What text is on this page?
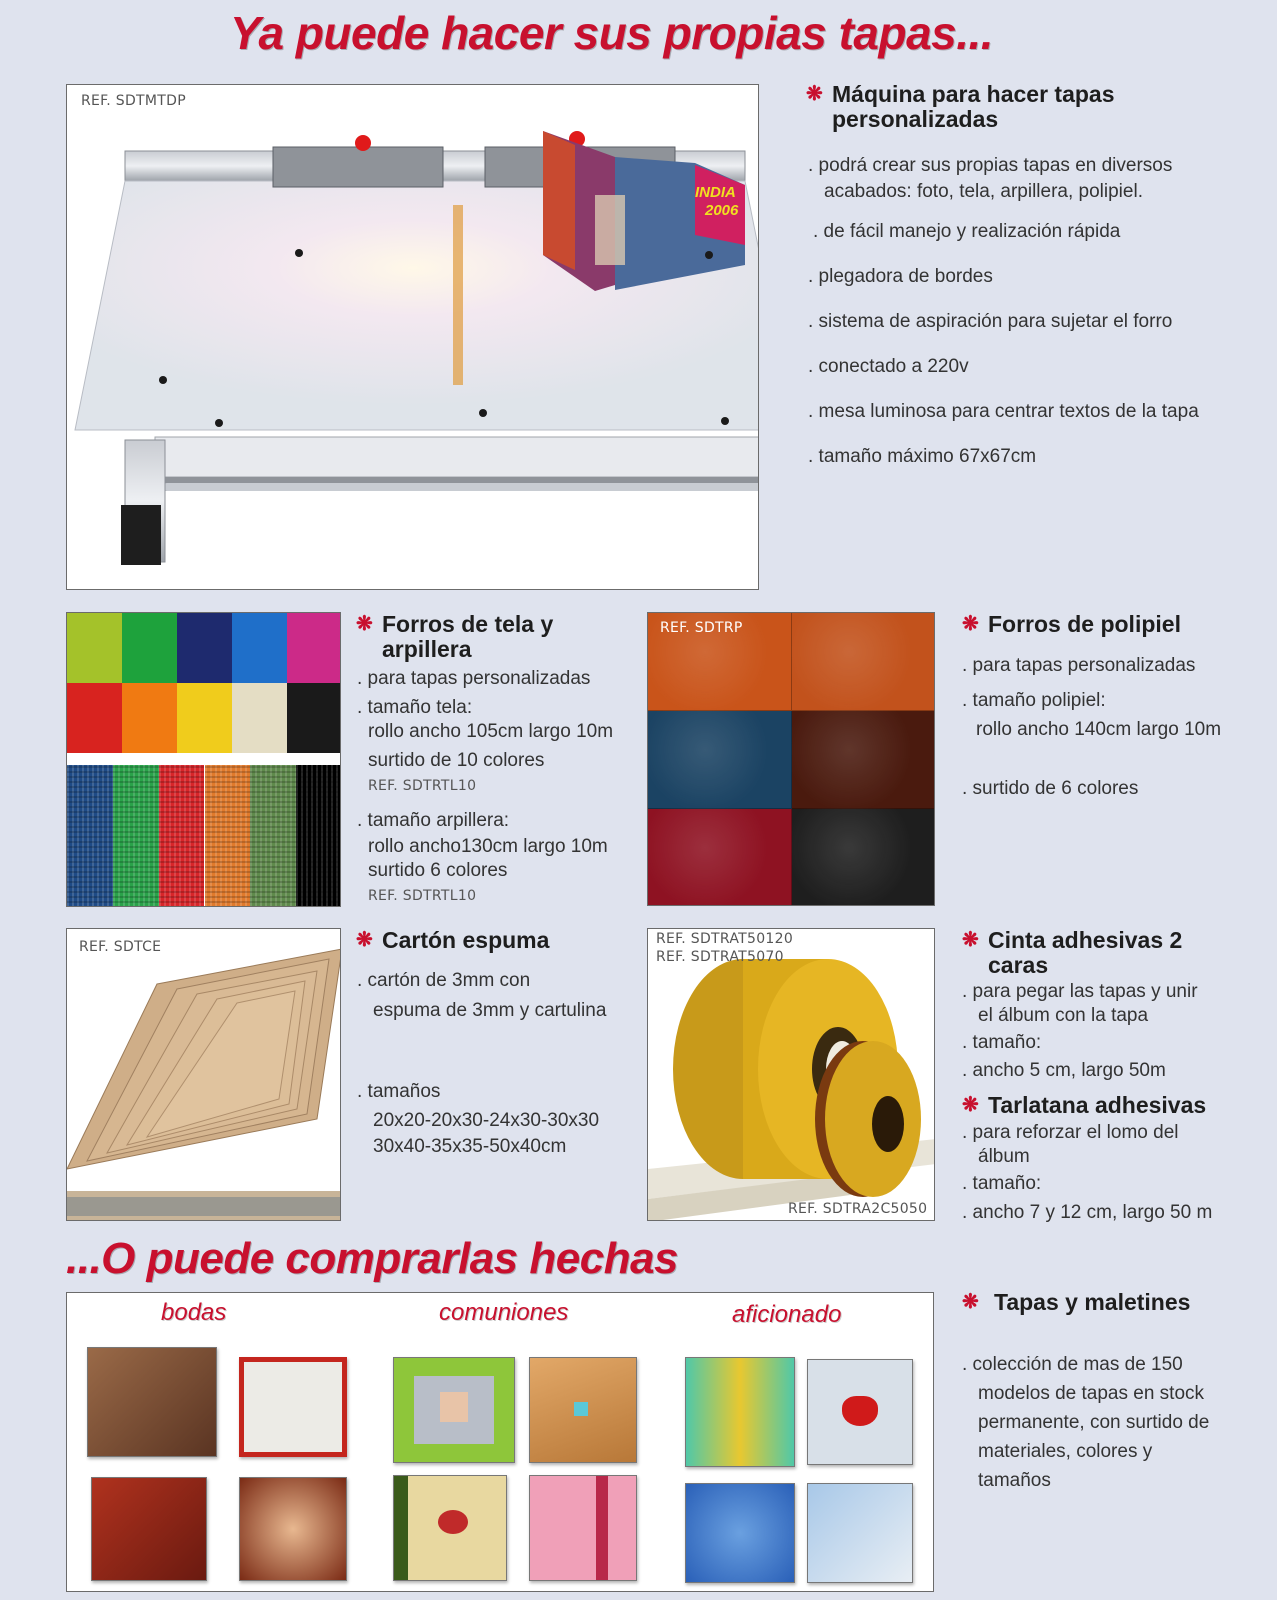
Ya puede hacer sus propias tapas...
REF. SDTMTDP
INDIA
2006
❋ Máquina para hacer tapas
personalizadas
. podrá crear sus propias tapas en diversos
acabados: foto, tela, arpillera, polipiel.
. de fácil manejo y realización rápida
. plegadora de bordes
. sistema de aspiración para sujetar el forro
. conectado a 220v
. mesa luminosa para centrar textos de la tapa
. tamaño máximo 67x67cm
❋ Forros de tela y
arpillera
. para tapas personalizadas
. tamaño tela:
rollo ancho 105cm largo 10m
surtido de 10 colores
REF. SDTRTL10
. tamaño arpillera:
rollo ancho130cm largo 10m
surtido 6 colores
REF. SDTRTL10
REF. SDTRP	❋ Forros de polipiel
. para tapas personalizadas
. tamaño polipiel:
rollo ancho 140cm largo 10m
. surtido de 6 colores
REF. SDTCE	❋ Cartón espuma
. cartón de 3mm con
espuma de 3mm y cartulina
. tamaños
20x20-20x30-24x30-30x30
30x40-35x35-50x40cm
REF. SDTRAT50120
REF. SDTRAT5070
REF. SDTRA2C5050
❋ Cinta adhesivas 2
caras
. para pegar las tapas y unir
el álbum con la tapa
. tamaño:
. ancho 5 cm, largo 50m
❋ Tarlatana adhesivas
. para reforzar el lomo del
álbum
. tamaño:
. ancho 7 y 12 cm, largo 50 m
...O puede comprarlas hechas
bodas	comuniones	aficionado	❋ Tapas y maletines
. colección de mas de 150
modelos de tapas en stock
permanente, con surtido de
materiales, colores y
tamaños
